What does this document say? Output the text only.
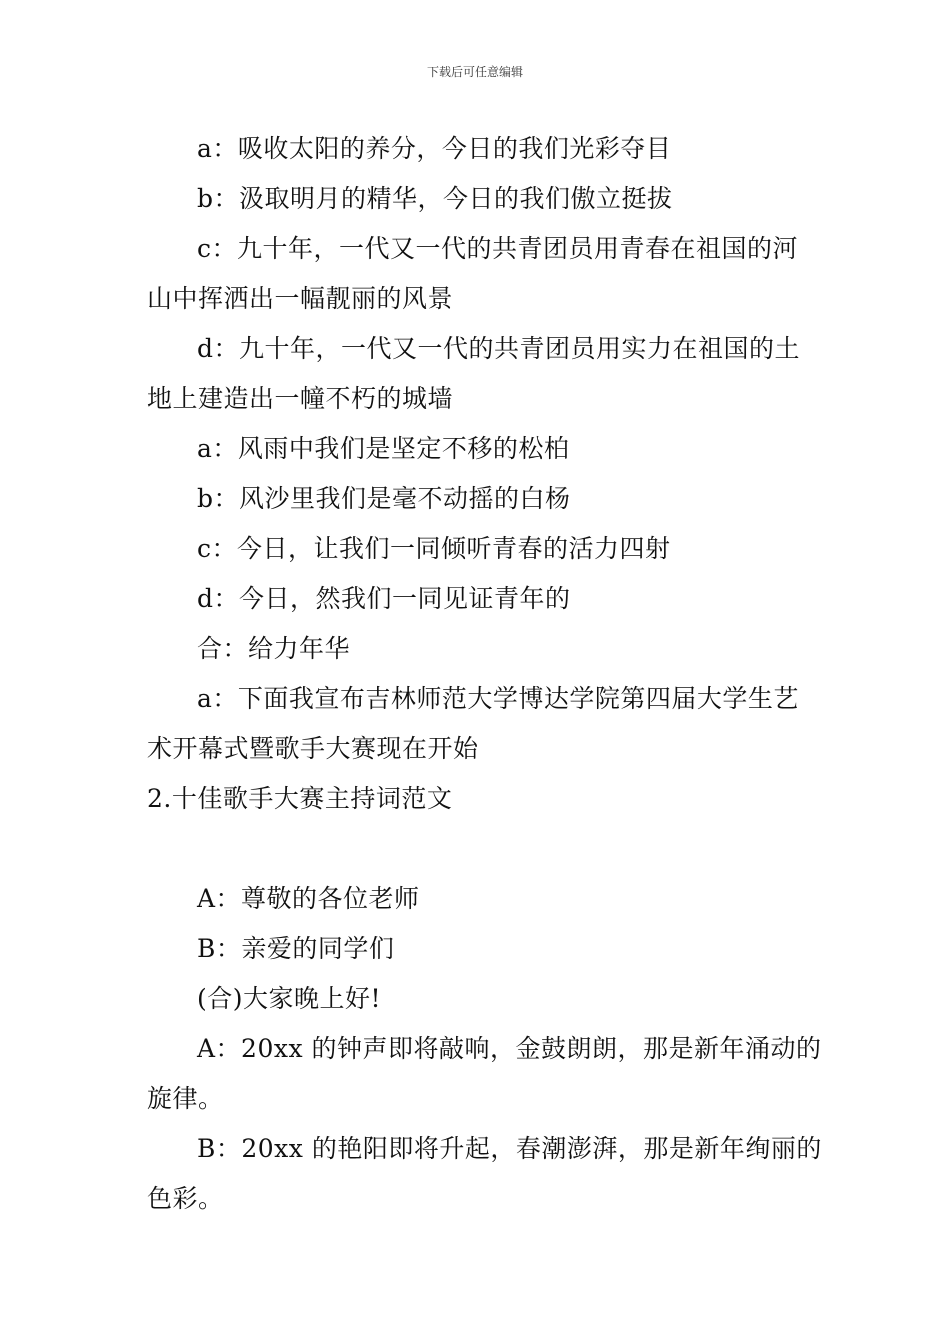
下载后可任意编辑
a：吸收太阳的养分，今日的我们光彩夺目
b：汲取明月的精华，今日的我们傲立挺拔
c：九十年，一代又一代的共青团员用青春在祖国的河
山中挥洒出一幅靓丽的风景
d：九十年，一代又一代的共青团员用实力在祖国的土
地上建造出一幢不朽的城墙
a：风雨中我们是坚定不移的松柏
b：风沙里我们是毫不动摇的白杨
c：今日，让我们一同倾听青春的活力四射
d：今日，然我们一同见证青年的
合：给力年华
a：下面我宣布吉林师范大学博达学院第四届大学生艺
术开幕式暨歌手大赛现在开始
2.十佳歌手大赛主持词范文
A：尊敬的各位老师
B：亲爱的同学们
(合)大家晚上好!
A：20xx 的钟声即将敲响，金鼓朗朗，那是新年涌动的
旋律。
B：20xx 的艳阳即将升起，春潮澎湃，那是新年绚丽的
色彩。
